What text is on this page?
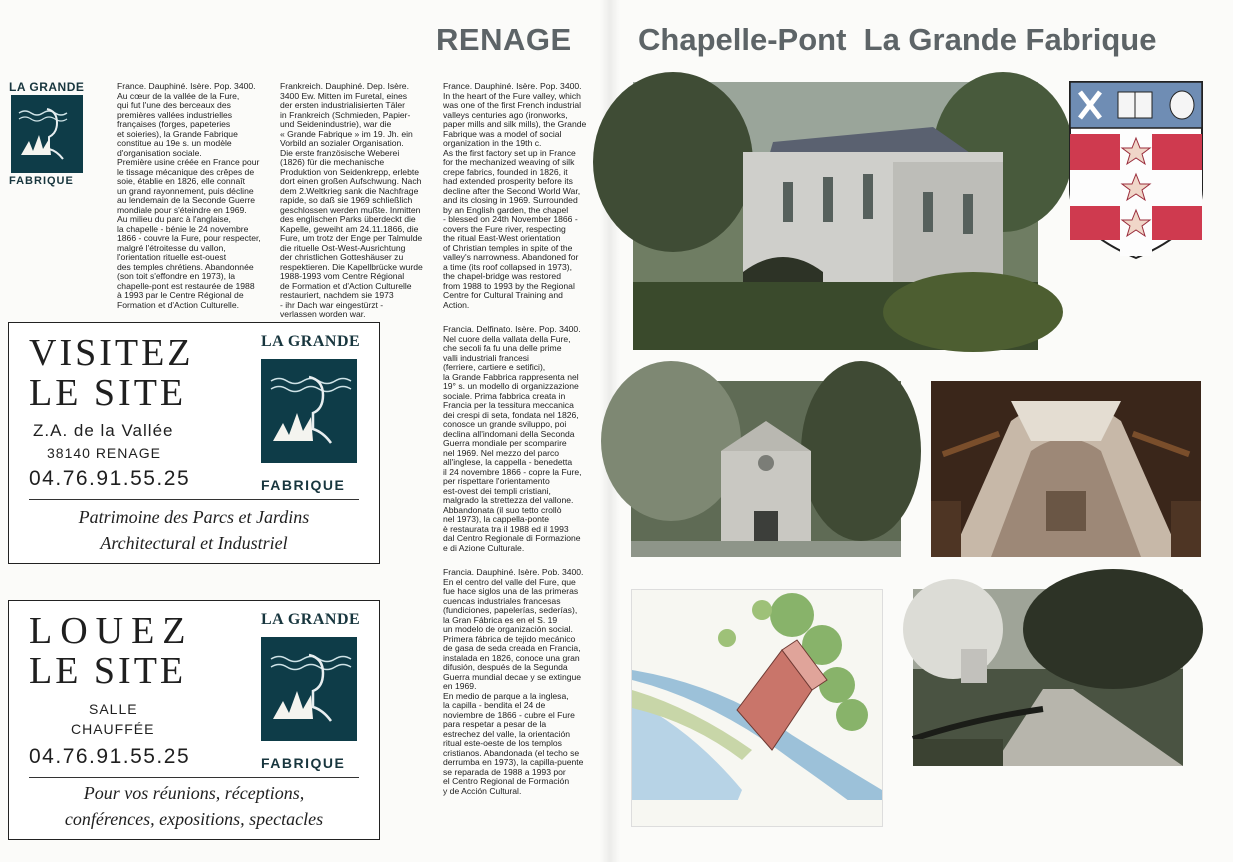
RENAGE Chapelle-Pont  La Grande Fabrique
LA GRANDE
FABRIQUE
France. Dauphiné. Isère. Pop. 3400.
Au cœur de la vallée de la Fure,
qui fut l'une des berceaux des
premières vallées industrielles
françaises (forges, papeteries
et soieries), la Grande Fabrique
constitue au 19e s. un modèle
d'organisation sociale.
Première usine créée en France pour
le tissage mécanique des crêpes de
soie, établie en 1826, elle connaît
un grand rayonnement, puis décline
au lendemain de la Seconde Guerre
mondiale pour s'éteindre en 1969.
Au milieu du parc à l'anglaise,
la chapelle - bénie le 24 novembre
1866 - couvre la Fure, pour respecter,
malgré l'étroitesse du vallon,
l'orientation rituelle est-ouest
des temples chrétiens. Abandonnée
(son toit s'effondre en 1973), la
chapelle-pont est restaurée de 1988
à 1993 par le Centre Régional de
Formation et d'Action Culturelle.
Frankreich. Dauphiné. Dep. Isère.
3400 Ew. Mitten im Furetal, eines
der ersten industrialisierten Täler
in Frankreich (Schmieden, Papier-
und Seidenindustrie), war die
« Grande Fabrique » im 19. Jh. ein
Vorbild an sozialer Organisation.
Die erste französische Weberei
(1826) für die mechanische
Produktion von Seidenkrepp, erlebte
dort einen großen Aufschwung. Nach
dem 2.Weltkrieg sank die Nachfrage
rapide, so daß sie 1969 schließlich
geschlossen werden mußte. Inmitten
des englischen Parks überdeckt die
Kapelle, geweiht am 24.11.1866, die
Fure, um trotz der Enge per Talmulde
die rituelle Ost-West-Ausrichtung
der christlichen Gotteshäuser zu
respektieren. Die Kapellbrücke wurde
1988-1993 vom Centre Régional
de Formation et d'Action Culturelle
restauriert, nachdem sie 1973
- ihr Dach war eingestürzt -
verlassen worden war.
France. Dauphiné. Isère. Pop. 3400.
In the heart of the Fure valley, which
was one of the first French industrial
valleys centuries ago (ironworks,
paper mills and silk mills), the Grande
Fabrique was a model of social
organization in the 19th c.
As the first factory set up in France
for the mechanized weaving of silk
crepe fabrics, founded in 1826, it
had extended prosperity before its
decline after the Second World War,
and its closing in 1969. Surrounded
by an English garden, the chapel
- blessed on 24th November 1866 -
covers the Fure river, respecting
the ritual East-West orientation
of Christian temples in spite of the
valley's narrowness. Abandoned for
a time (its roof collapsed in 1973),
the chapel-bridge was restored
from 1988 to 1993 by the Regional
Centre for Cultural Training and
Action.
Francia. Delfinato. Isère. Pop. 3400.
Nel cuore della vallata della Fure,
che secoli fa fu una delle prime
valli industriali francesi
(ferriere, cartiere e setifici),
la Grande Fabbrica rappresenta nel
19° s. un modello di organizzazione
sociale. Prima fabbrica creata in
Francia per la tessitura meccanica
dei crespi di seta, fondata nel 1826,
conosce un grande sviluppo, poi
declina all'indomani della Seconda
Guerra mondiale per scomparire
nel 1969. Nel mezzo del parco
all'inglese, la cappella - benedetta
il 24 novembre 1866 - copre la Fure,
per rispettare l'orientamento
est-ovest dei templi cristiani,
malgrado la strettezza del vallone.
Abbandonata (il suo tetto crollò
nel 1973), la cappella-ponte
è restaurata tra il 1988 ed il 1993
dal Centro Regionale di Formazione
e di Azione Culturale.
Francia. Dauphiné. Isère. Pob. 3400.
En el centro del valle del Fure, que
fue hace siglos una de las primeras
cuencas industriales francesas
(fundiciones, papelerías, sederías),
la Gran Fábrica es en el S. 19
un modelo de organización social.
Primera fábrica de tejido mecánico
de gasa de seda creada en Francia,
instalada en 1826, conoce una gran
difusión, después de la Segunda
Guerra mundial decae y se extingue
en 1969.
En medio de parque a la inglesa,
la capilla - bendita el 24 de
noviembre de 1866 - cubre el Fure
para respetar a pesar de la
estrechez del valle, la orientación
ritual este-oeste de los templos
cristianos. Abandonada (el techo se
derrumba en 1973), la capilla-puente
se reparada de 1988 a 1993 por
el Centro Regional de Formación
y de Acción Cultural.
VISITEZ
LE SITE
Z.A. de la Vallée
38140 RENAGE
04.76.91.55.25
LA GRANDE
FABRIQUE
Patrimoine des Parcs et Jardins
Architectural et Industriel
LOUEZ
LE SITE
SALLE
CHAUFFÉE
04.76.91.55.25
LA GRANDE
FABRIQUE
Pour vos réunions, réceptions,
conférences, expositions, spectacles
